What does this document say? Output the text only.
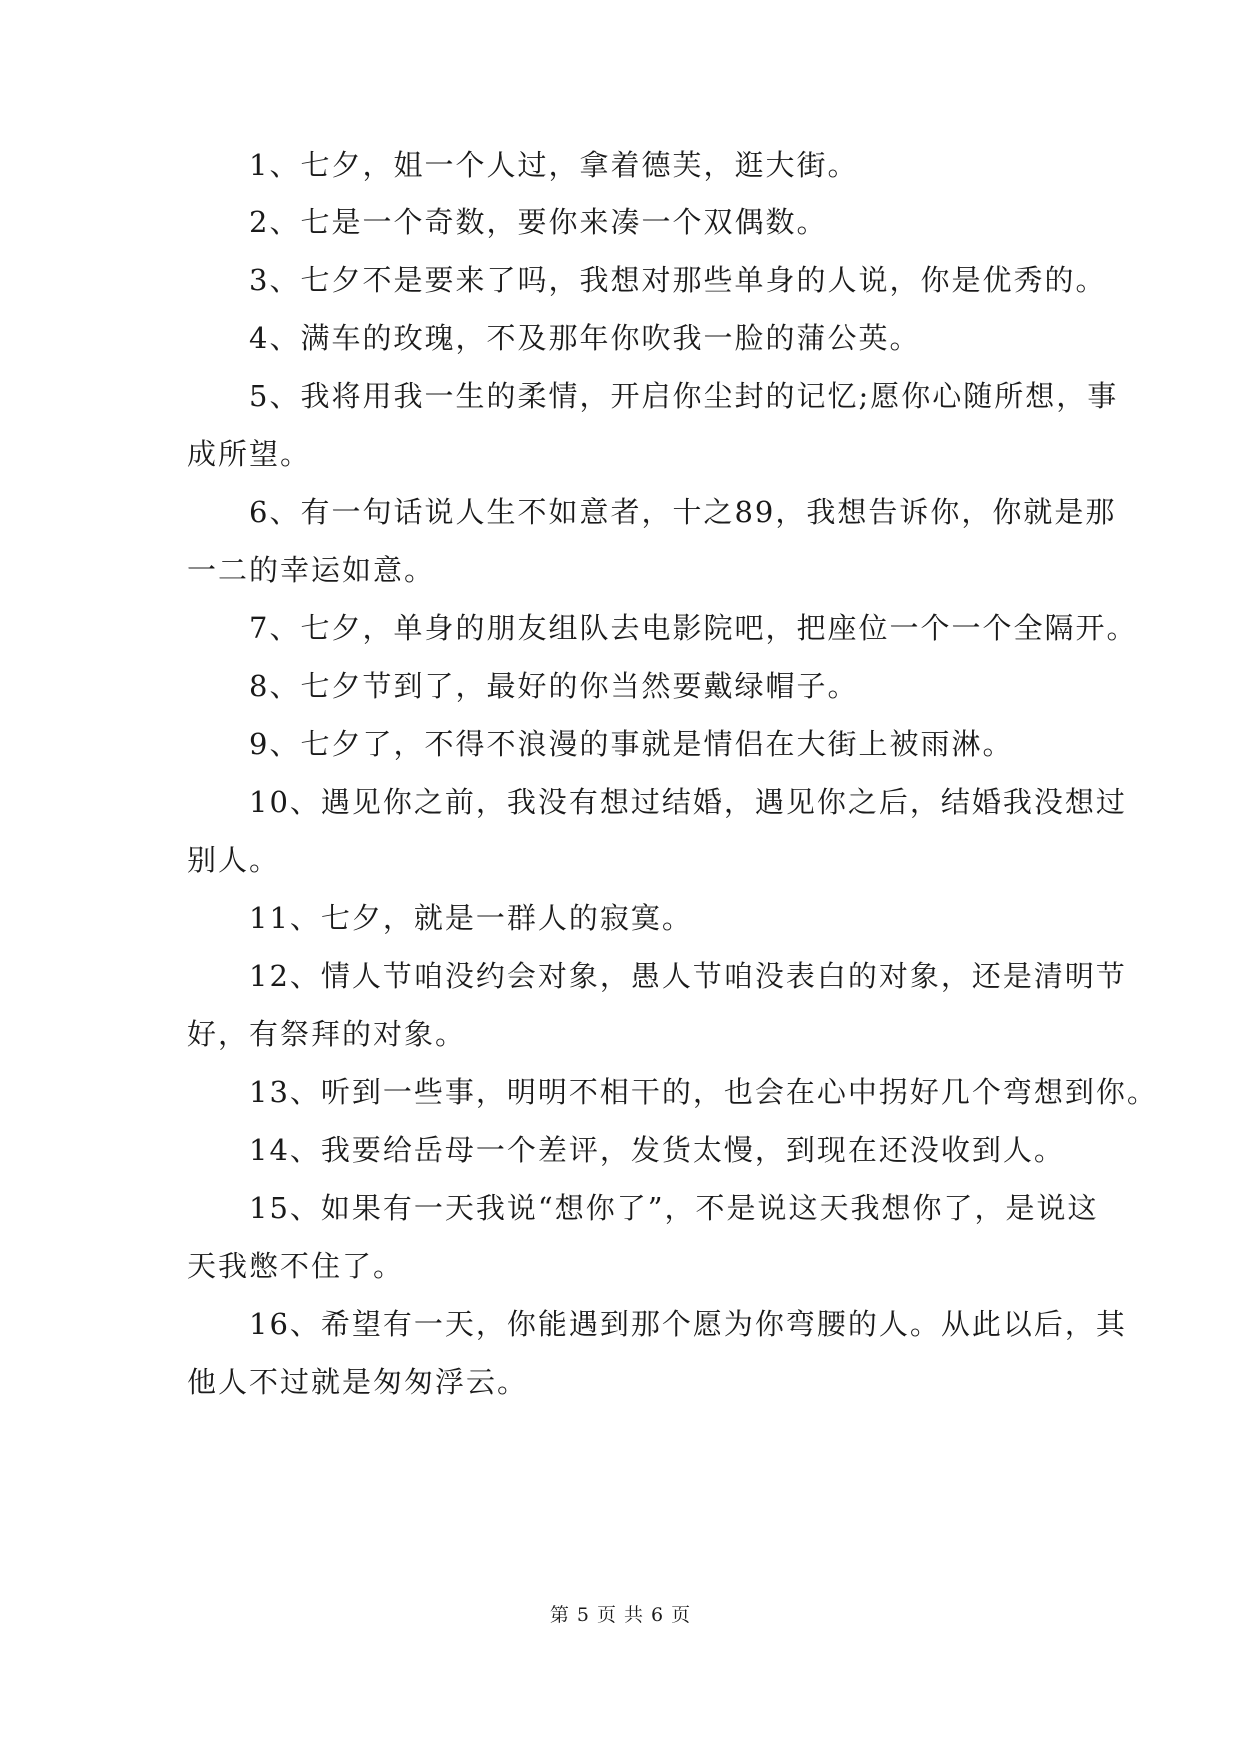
　　1、七夕，姐一个人过，拿着德芙，逛大街。
　　2、七是一个奇数，要你来凑一个双偶数。
　　3、七夕不是要来了吗，我想对那些单身的人说，你是优秀的。
　　4、满车的玫瑰，不及那年你吹我一脸的蒲公英。
　　5、我将用我一生的柔情，开启你尘封的记忆;愿你心随所想，事
成所望。
　　6、有一句话说人生不如意者，十之89，我想告诉你，你就是那
一二的幸运如意。
　　7、七夕，单身的朋友组队去电影院吧，把座位一个一个全隔开。
　　8、七夕节到了，最好的你当然要戴绿帽子。
　　9、七夕了，不得不浪漫的事就是情侣在大街上被雨淋。
　　10、遇见你之前，我没有想过结婚，遇见你之后，结婚我没想过
别人。
　　11、七夕，就是一群人的寂寞。
　　12、情人节咱没约会对象，愚人节咱没表白的对象，还是清明节
好，有祭拜的对象。
　　13、听到一些事，明明不相干的，也会在心中拐好几个弯想到你。
　　14、我要给岳母一个差评，发货太慢，到现在还没收到人。
　　15、如果有一天我说“想你了”，不是说这天我想你了，是说这
天我憋不住了。
　　16、希望有一天，你能遇到那个愿为你弯腰的人。从此以后，其
他人不过就是匆匆浮云。
第 5 页 共 6 页
